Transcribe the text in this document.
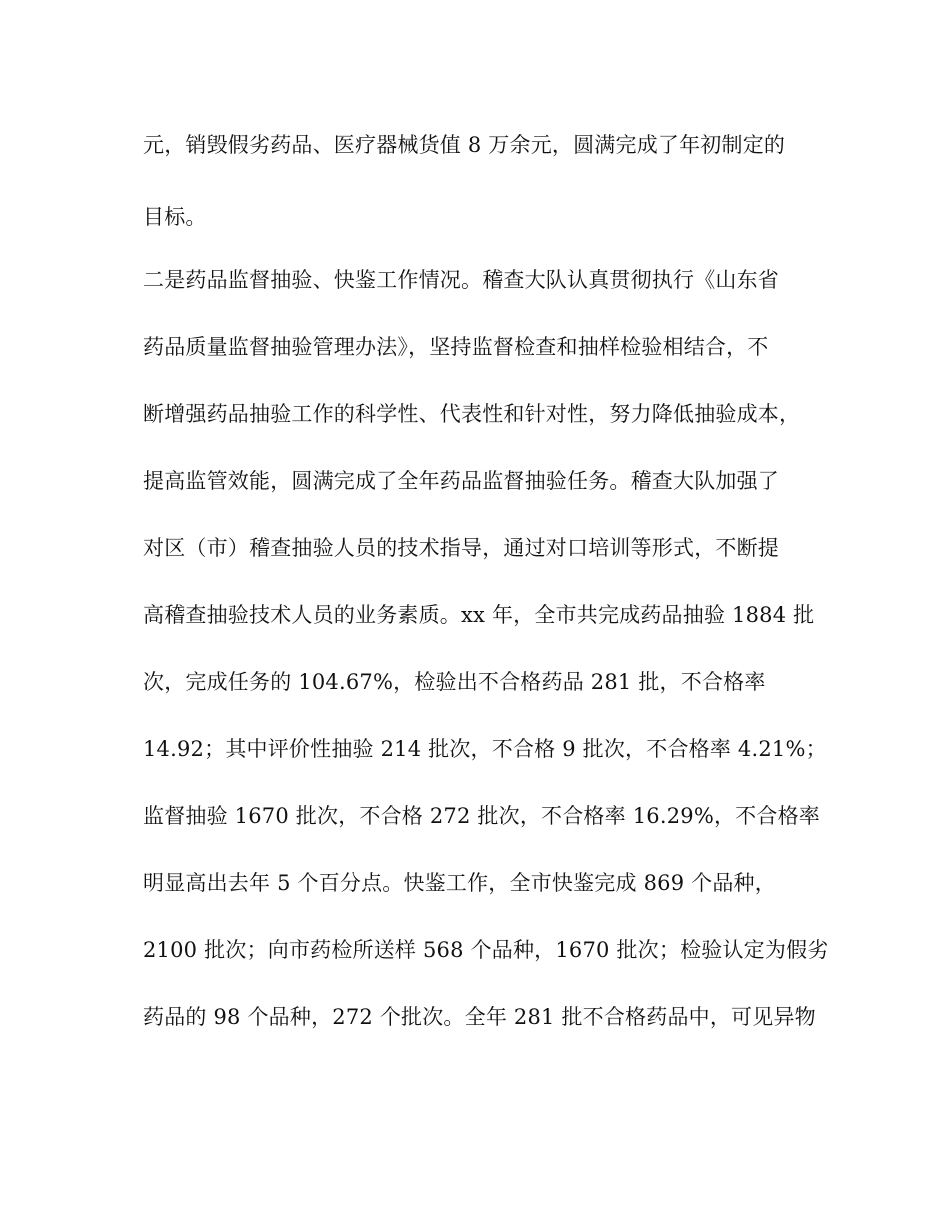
元，销毁假劣药品、医疗器械货值 8 万余元，圆满完成了年初制定的
目标。
二是药品监督抽验、快鉴工作情况。稽查大队认真贯彻执行《山东省
药品质量监督抽验管理办法》，坚持监督检查和抽样检验相结合，不
断增强药品抽验工作的科学性、代表性和针对性，努力降低抽验成本，
提高监管效能，圆满完成了全年药品监督抽验任务。稽查大队加强了
对区（市）稽查抽验人员的技术指导，通过对口培训等形式，不断提
高稽查抽验技术人员的业务素质。xx 年，全市共完成药品抽验 1884 批
次，完成任务的 104.67%，检验出不合格药品 281 批，不合格率
14.92；其中评价性抽验 214 批次，不合格 9 批次，不合格率 4.21%；
监督抽验 1670 批次，不合格 272 批次，不合格率 16.29%，不合格率
明显高出去年 5 个百分点。快鉴工作，全市快鉴完成 869 个品种，
2100 批次；向市药检所送样 568 个品种，1670 批次；检验认定为假劣
药品的 98 个品种，272 个批次。全年 281 批不合格药品中，可见异物
